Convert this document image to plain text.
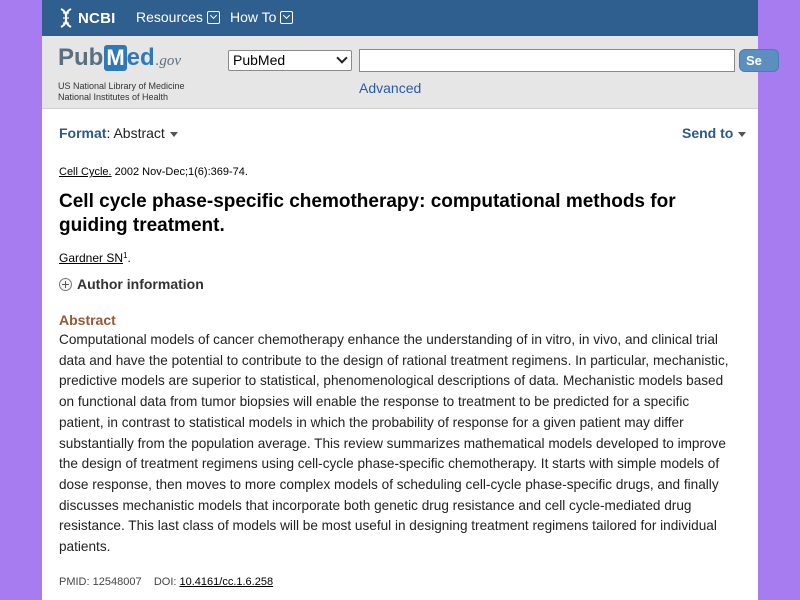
NCBI Resources How To
Pub M ed .gov
US National Library of Medicine
National Institutes of Health
PubMed	Se
Advanced
Format: Abstract	Send to
Cell Cycle. 2002 Nov-Dec;1(6):369-74.
Cell cycle phase-specific chemotherapy: computational methods for guiding treatment.
Gardner $SN^1$.
Author information
Abstract

Computational models of cancer chemotherapy enhance the understanding of in vitro, in vivo, and clinical trial data and have the potential to contribute to the design of rational treatment regimens. In particular, mechanistic, predictive models are superior to statistical, phenomenological descriptions of data. Mechanistic models based on functional data from tumor biopsies will enable the response to treatment to be predicted for a specific patient, in contrast to statistical models in which the probability of response for a given patient may differ substantially from the population average. This review summarizes mathematical models developed to improve the design of treatment regimens using cell-cycle phase-specific chemotherapy. It starts with simple models of dose response, then moves to more complex models of scheduling cell-cycle phase-specific drugs, and finally discusses mechanistic models that incorporate both genetic drug resistance and cell cycle-mediated drug resistance. This last class of models will be most useful in designing treatment regimens tailored for individual patients.

PMID: 12548007 DOI: 10.4161/cc.1.6.258
